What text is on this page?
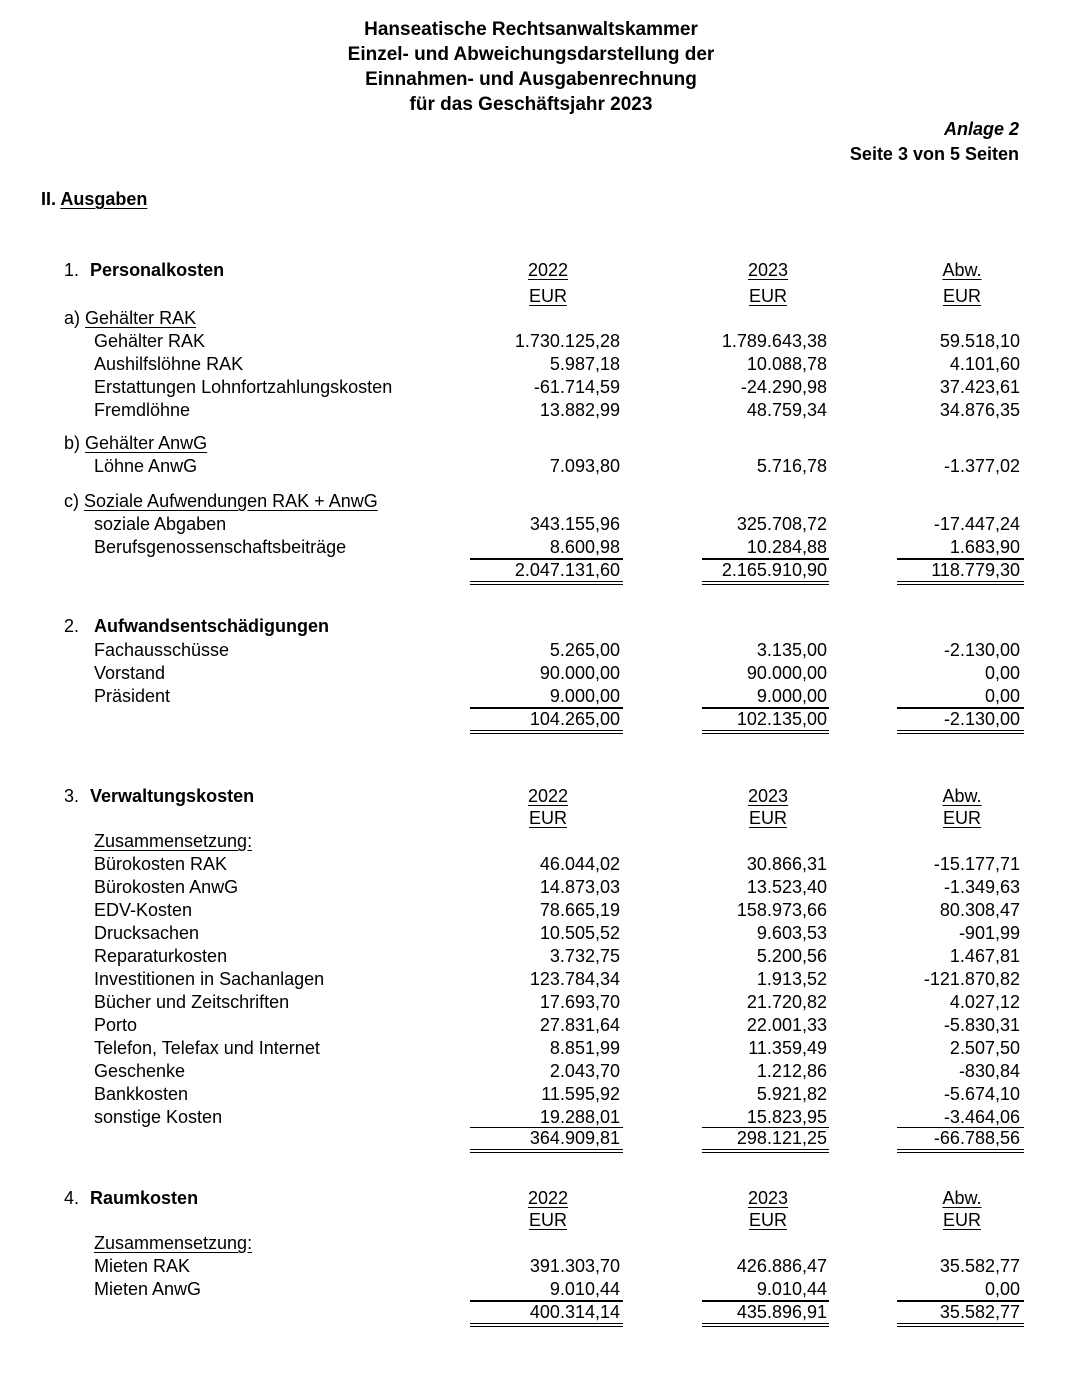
Hanseatische Rechtsanwaltskammer
Einzel- und Abweichungsdarstellung der
Einnahmen- und Ausgabenrechnung
für das Geschäftsjahr 2023
Anlage 2
Seite 3 von 5 Seiten
II. Ausgaben
1. Personalkosten	2022	2023	Abw.
EUR	EUR	EUR
a) Gehälter RAK
Gehälter RAK	1.730.125,28	1.789.643,38	59.518,10
Aushilfslöhne RAK	5.987,18	10.088,78	4.101,60
Erstattungen Lohnfortzahlungskosten	-61.714,59	-24.290,98	37.423,61
Fremdlöhne	13.882,99	48.759,34	34.876,35
b) Gehälter AnwG
Löhne AnwG	7.093,80	5.716,78	-1.377,02
c) Soziale Aufwendungen RAK + AnwG
soziale Abgaben	343.155,96	325.708,72	-17.447,24
Berufsgenossenschaftsbeiträge	8.600,98	10.284,88	1.683,90
2.047.131,60	2.165.910,90	118.779,30
2. Aufwandsentschädigungen
Fachausschüsse	5.265,00	3.135,00	-2.130,00
Vorstand	90.000,00	90.000,00	0,00
Präsident	9.000,00	9.000,00	0,00
104.265,00	102.135,00	-2.130,00
3. Verwaltungskosten	2022	2023	Abw.
EUR	EUR	EUR
Zusammensetzung:
Bürokosten RAK	46.044,02	30.866,31	-15.177,71
Bürokosten AnwG	14.873,03	13.523,40	-1.349,63
EDV-Kosten	78.665,19	158.973,66	80.308,47
Drucksachen	10.505,52	9.603,53	-901,99
Reparaturkosten	3.732,75	5.200,56	1.467,81
Investitionen in Sachanlagen	123.784,34	1.913,52	-121.870,82
Bücher und Zeitschriften	17.693,70	21.720,82	4.027,12
Porto	27.831,64	22.001,33	-5.830,31
Telefon, Telefax und Internet	8.851,99	11.359,49	2.507,50
Geschenke	2.043,70	1.212,86	-830,84
Bankkosten	11.595,92	5.921,82	-5.674,10
sonstige Kosten	19.288,01	15.823,95	-3.464,06
364.909,81	298.121,25	-66.788,56
4. Raumkosten	2022	2023	Abw.
EUR	EUR	EUR
Zusammensetzung:
Mieten RAK	391.303,70	426.886,47	35.582,77
Mieten AnwG	9.010,44	9.010,44	0,00
400.314,14	435.896,91	35.582,77
